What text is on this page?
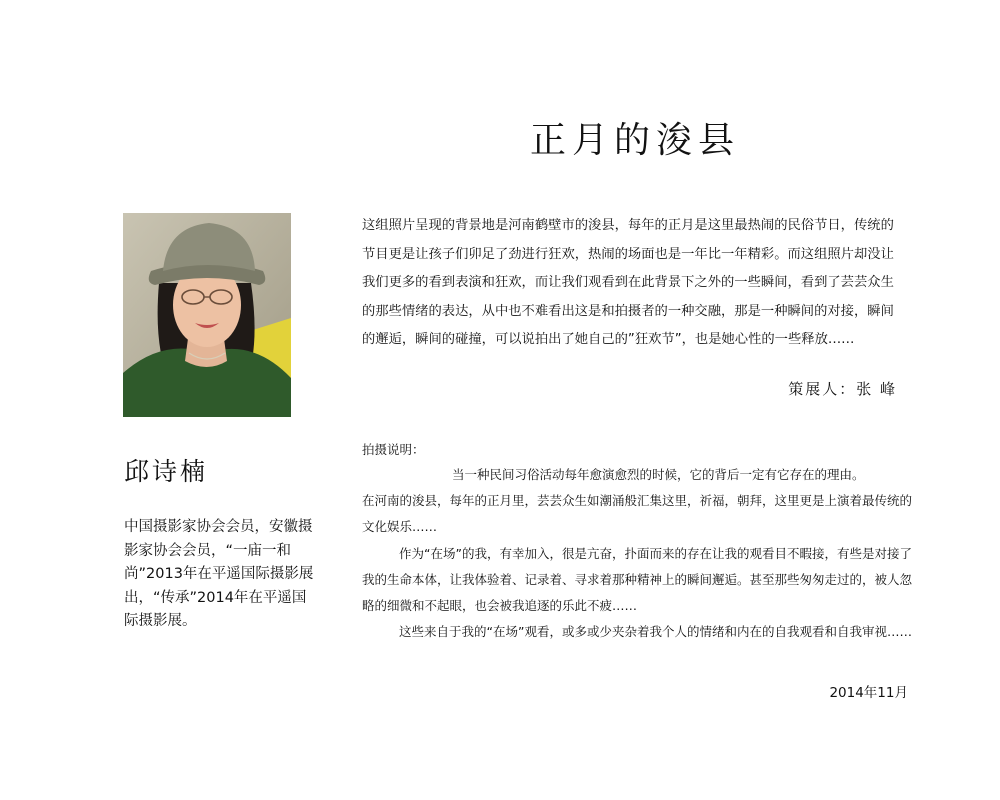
正月的浚县
邱诗楠

中国摄影家协会会员，安徽摄影家协会会员，“一庙一和尚”2013年在平遥国际摄影展出，“传承”2014年在平遥国际摄影展。

这组照片呈现的背景地是河南鹤壁市的浚县，每年的正月是这里最热闹的民俗节日，传统的节目更是让孩子们卯足了劲进行狂欢，热闹的场面也是一年比一年精彩。而这组照片却没让我们更多的看到表演和狂欢，而让我们观看到在此背景下之外的一些瞬间，看到了芸芸众生的那些情绪的表达，从中也不难看出这是和拍摄者的一种交融，那是一种瞬间的对接，瞬间的邂逅，瞬间的碰撞，可以说拍出了她自己的”狂欢节”，也是她心性的一些释放……

策展人：张 峰

拍摄说明：

当一种民间习俗活动每年愈演愈烈的时候，它的背后一定有它存在的理由。

在河南的浚县，每年的正月里，芸芸众生如潮涌般汇集这里，祈福，朝拜，这里更是上演着最传统的文化娱乐……

作为“在场”的我，有幸加入，很是亢奋，扑面而来的存在让我的观看目不暇接，有些是对接了我的生命本体，让我体验着、记录着、寻求着那种精神上的瞬间邂逅。甚至那些匆匆走过的，被人忽略的细微和不起眼，也会被我追逐的乐此不疲……

这些来自于我的“在场”观看，或多或少夹杂着我个人的情绪和内在的自我观看和自我审视……

2014年11月
